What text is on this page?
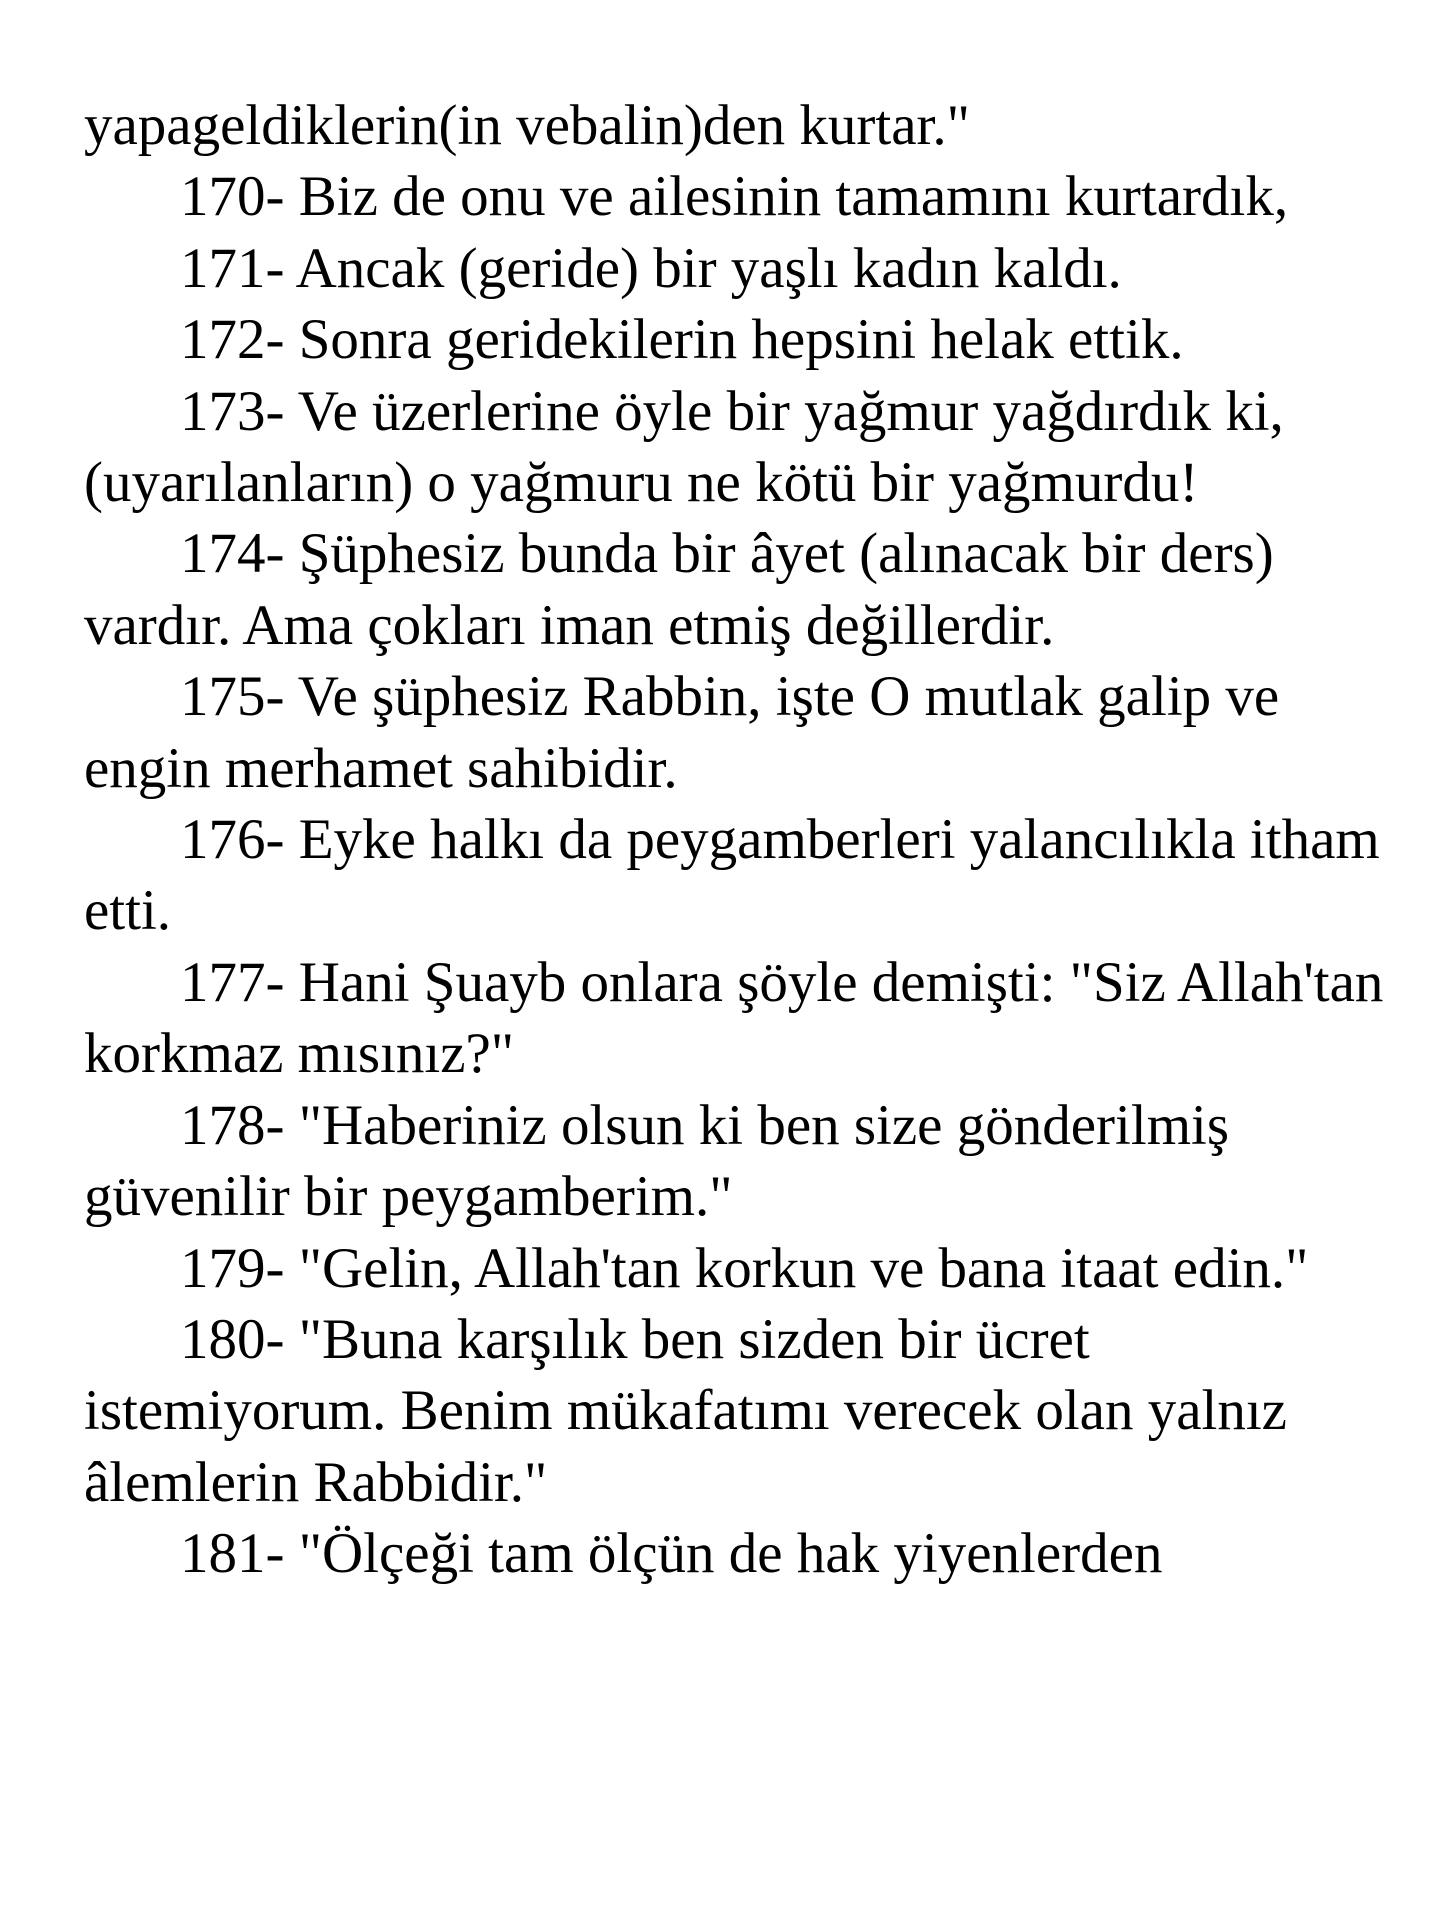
yapageldiklerin(in vebalin)den kurtar."

170- Biz de onu ve ailesinin tamamını kurtardık,

171- Ancak (geride) bir yaşlı kadın kaldı.

172- Sonra geridekilerin hepsini helak ettik.

173- Ve üzerlerine öyle bir yağmur yağdırdık ki, (uyarılanların) o yağmuru ne kötü bir yağmurdu!

174- Şüphesiz bunda bir âyet (alınacak bir ders) vardır. Ama çokları iman etmiş değillerdir.

175- Ve şüphesiz Rabbin, işte O mutlak galip ve engin merhamet sahibidir.

176- Eyke halkı da peygamberleri yalancılıkla itham etti.

177- Hani Şuayb onlara şöyle demişti: "Siz Allah'tan korkmaz mısınız?"

178- "Haberiniz olsun ki ben size gönderilmiş güvenilir bir peygamberim."

179- "Gelin, Allah'tan korkun ve bana itaat edin."

180- "Buna karşılık ben sizden bir ücret istemiyorum. Benim mükafatımı verecek olan yalnız âlemlerin Rabbidir."

181- "Ölçeği tam ölçün de hak yiyenlerden
